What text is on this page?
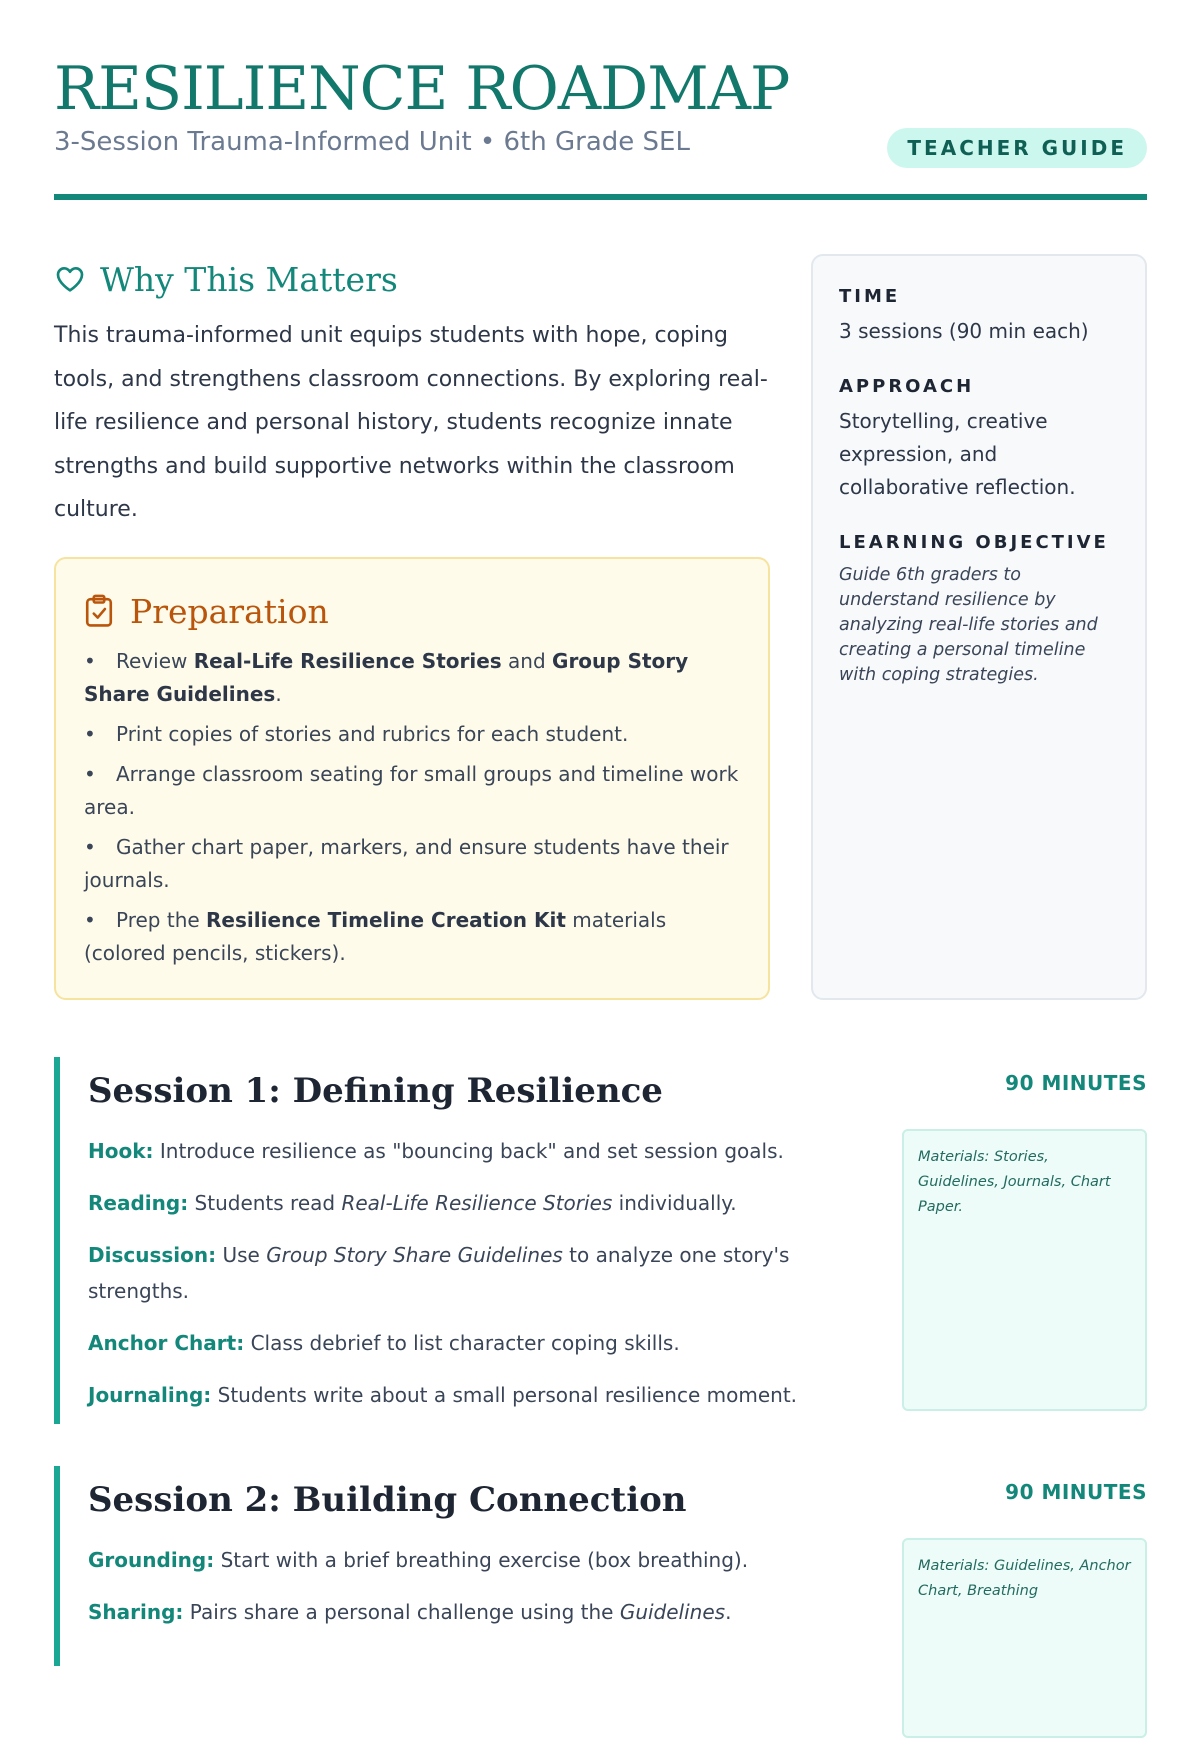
RESILIENCE ROADMAP
3-Session Trauma-Informed Unit • 6th Grade SEL	TEACHER GUIDE
Why This Matters

This trauma-informed unit equips students with hope, coping tools, and strengthens classroom connections. By exploring real-life resilience and personal history, students recognize innate strengths and build supportive networks within the classroom culture.

Preparation
• Review Real-Life Resilience Stories and Group Story Share Guidelines.
• Print copies of stories and rubrics for each student.
• Arrange classroom seating for small groups and timeline work area.
• Gather chart paper, markers, and ensure students have their journals.
• Prep the Resilience Timeline Creation Kit materials (colored pencils, stickers).
TIME
3 sessions (90 min each)
APPROACH
Storytelling, creative expression, and collaborative reflection.
LEARNING OBJECTIVE
Guide 6th graders to understand resilience by analyzing real-life stories and creating a personal timeline with coping strategies.
Session 1: Defining Resilience	90 MINUTES

Hook: Introduce resilience as "bouncing back" and set session goals.

Reading: Students read Real-Life Resilience Stories individually.

Discussion: Use Group Story Share Guidelines to analyze one story's strengths.

Anchor Chart: Class debrief to list character coping skills.

Journaling: Students write about a small personal resilience moment.

Materials: Stories, Guidelines, Journals, Chart Paper.
Session 2: Building Connection	90 MINUTES

Grounding: Start with a brief breathing exercise (box breathing).

Sharing: Pairs share a personal challenge using the Guidelines.

Materials: Guidelines, Anchor Chart, Breathing
